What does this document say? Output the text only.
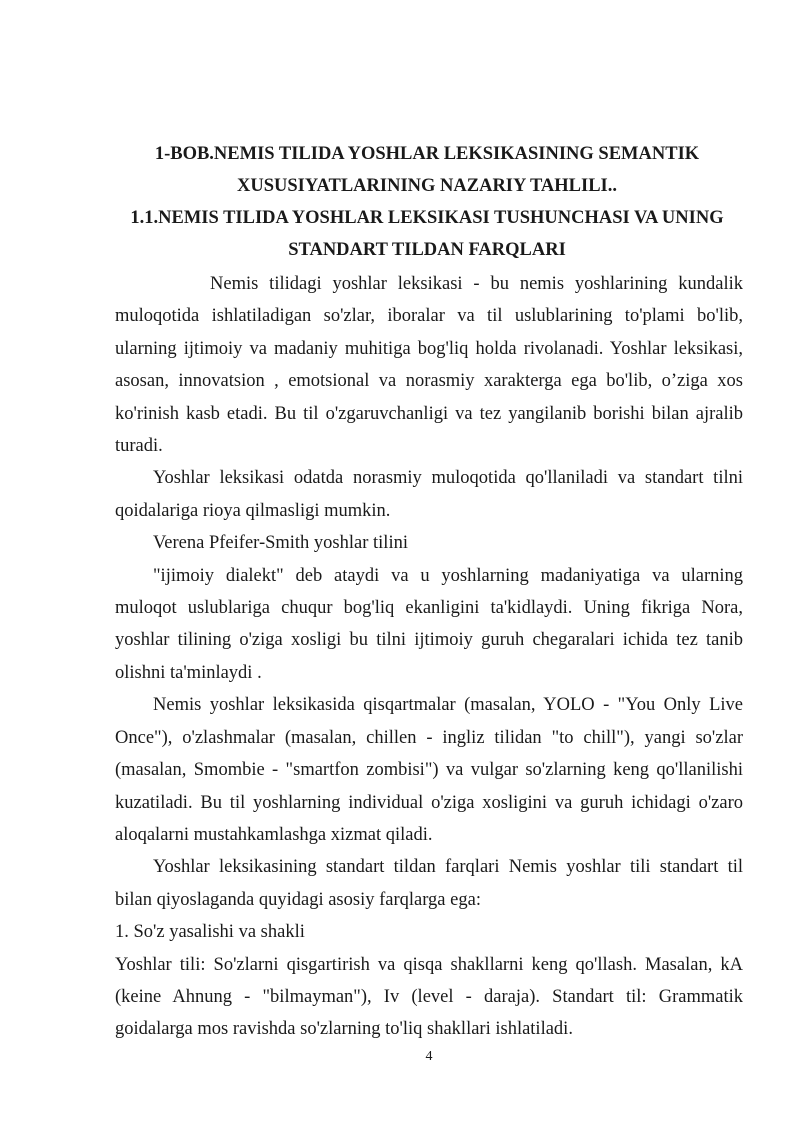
1-BOB.NEMIS TILIDA YOSHLAR LEKSIKASINING SEMANTIK
XUSUSIYATLARINING NAZARIY TAHLILI..
1.1.NEMIS TILIDA YOSHLAR LEKSIKASI TUSHUNCHASI VA UNING
STANDART TILDAN FARQLARI

Nemis tilidagi yoshlar leksikasi - bu nemis yoshlarining kundalik muloqotida ishlatiladigan so'zlar, iboralar va til uslublarining to'plami bo'lib, ularning ijtimoiy va madaniy muhitiga bog'liq holda rivolanadi. Yoshlar leksikasi, asosan, innovatsion , emotsional va norasmiy xarakterga ega bo'lib, o’ziga xos ko'rinish kasb etadi. Bu til o'zgaruvchanligi va tez yangilanib borishi bilan ajralib turadi.

Yoshlar leksikasi odatda norasmiy muloqotida qo'llaniladi va standart tilni qoidalariga rioya qilmasligi mumkin.

Verena Pfeifer-Smith yoshlar tilini

"ijimoiy dialekt" deb ataydi va u yoshlarning madaniyatiga va ularning muloqot uslublariga chuqur bog'liq ekanligini ta'kidlaydi. Uning fikriga Nora, yoshlar tilining o'ziga xosligi bu tilni ijtimoiy guruh chegaralari ichida tez tanib olishni ta'minlaydi .

Nemis yoshlar leksikasida qisqartmalar (masalan, YOLO - "You Only Live Once"), o'zlashmalar (masalan, chillen - ingliz tilidan "to chill"), yangi so'zlar (masalan, Smombie - "smartfon zombisi") va vulgar so'zlarning keng qo'llanilishi kuzatiladi. Bu til yoshlarning individual o'ziga xosligini va guruh ichidagi o'zaro aloqalarni mustahkamlashga xizmat qiladi.

Yoshlar leksikasining standart tildan farqlari Nemis yoshlar tili standart til bilan qiyoslaganda quyidagi asosiy farqlarga ega:

1. So'z yasalishi va shakli

Yoshlar tili: So'zlarni qisgartirish va qisqa shakllarni keng qo'llash. Masalan, kA (keine Ahnung - "bilmayman"), Iv (level - daraja). Standart til: Grammatik goidalarga mos ravishda so'zlarning to'liq shakllari ishlatiladi.

4
